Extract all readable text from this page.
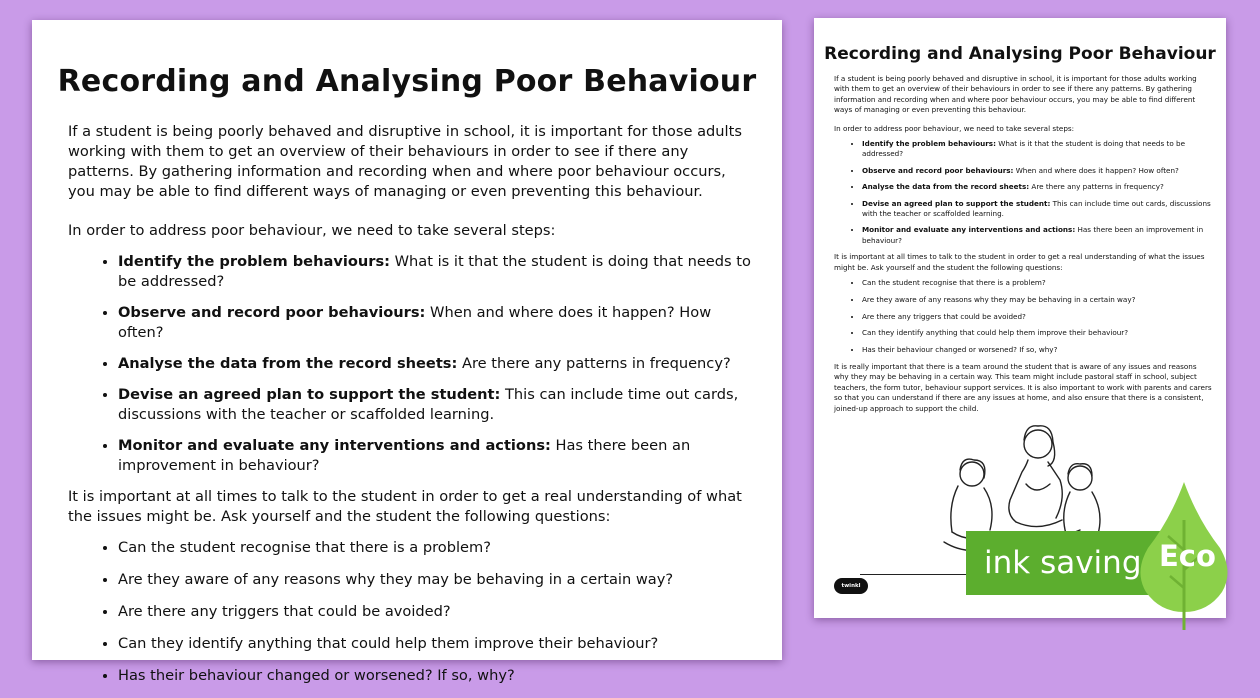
Recording and Analysing Poor Behaviour

If a student is being poorly behaved and disruptive in school, it is important for those adults working with them to get an overview of their behaviours in order to see if there any patterns. By gathering information and recording when and where poor behaviour occurs, you may be able to find different ways of managing or even preventing this behaviour.

In order to address poor behaviour, we need to take several steps:

• Identify the problem behaviours: What is it that the student is doing that needs to be addressed?
• Observe and record poor behaviours: When and where does it happen? How often?
• Analyse the data from the record sheets: Are there any patterns in frequency?
• Devise an agreed plan to support the student: This can include time out cards, discussions with the teacher or scaffolded learning.
• Monitor and evaluate any interventions and actions: Has there been an improvement in behaviour?

It is important at all times to talk to the student in order to get a real understanding of what the issues might be. Ask yourself and the student the following questions:

• Can the student recognise that there is a problem?
• Are they aware of any reasons why they may be behaving in a certain way?
• Are there any triggers that could be avoided?
• Can they identify anything that could help them improve their behaviour?
• Has their behaviour changed or worsened? If so, why?
Recording and Analysing Poor Behaviour

If a student is being poorly behaved and disruptive in school, it is important for those adults working with them to get an overview of their behaviours in order to see if there any patterns. By gathering information and recording when and where poor behaviour occurs, you may be able to find different ways of managing or even preventing this behaviour.

In order to address poor behaviour, we need to take several steps:

• Identify the problem behaviours: What is it that the student is doing that needs to be addressed?
• Observe and record poor behaviours: When and where does it happen? How often?
• Analyse the data from the record sheets: Are there any patterns in frequency?
• Devise an agreed plan to support the student: This can include time out cards, discussions with the teacher or scaffolded learning.
• Monitor and evaluate any interventions and actions: Has there been an improvement in behaviour?

It is important at all times to talk to the student in order to get a real understanding of what the issues might be. Ask yourself and the student the following questions:

• Can the student recognise that there is a problem?
• Are they aware of any reasons why they may be behaving in a certain way?
• Are there any triggers that could be avoided?
• Can they identify anything that could help them improve their behaviour?
• Has their behaviour changed or worsened? If so, why?

It is really important that there is a team around the student that is aware of any issues and reasons why they may be behaving in a certain way. This team might include pastoral staff in school, subject teachers, the form tutor, behaviour support services. It is also important to work with parents and carers so that you can understand if there are any issues at home, and also ensure that there is a consistent, joined-up approach to support the child.

twinkl
ink saving Eco
